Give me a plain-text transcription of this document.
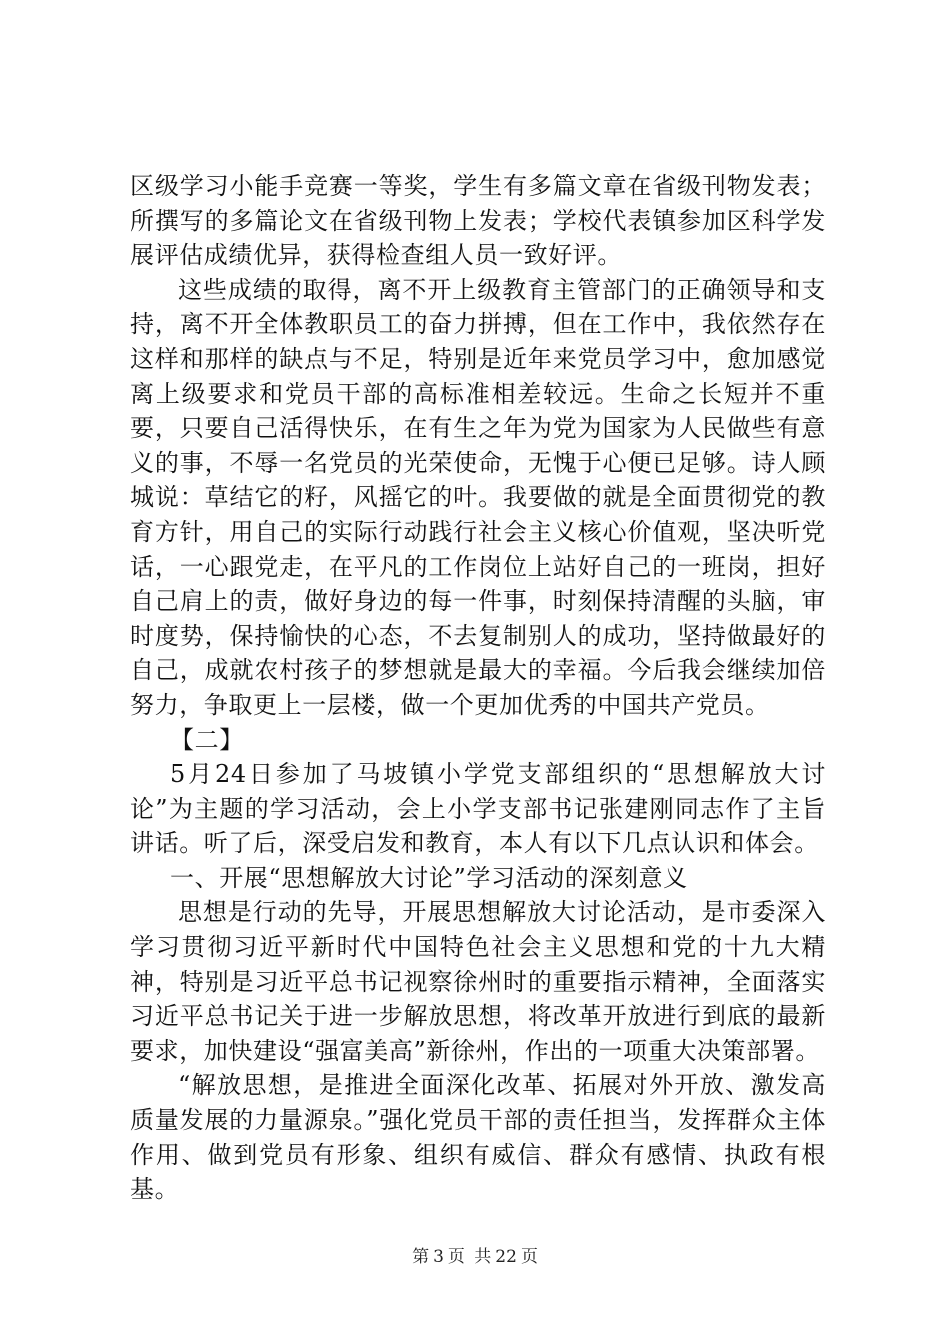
区级学习小能手竞赛一等奖，学生有多篇文章在省级刊物发表；所撰写的多篇论文在省级刊物上发表；学校代表镇参加区科学发展评估成绩优异，获得检查组人员一致好评。

这些成绩的取得，离不开上级教育主管部门的正确领导和支持，离不开全体教职员工的奋力拼搏，但在工作中，我依然存在这样和那样的缺点与不足，特别是近年来党员学习中，愈加感觉离上级要求和党员干部的高标准相差较远。生命之长短并不重要，只要自己活得快乐，在有生之年为党为国家为人民做些有意义的事，不辱一名党员的光荣使命，无愧于心便已足够。诗人顾城说：草结它的籽，风摇它的叶。我要做的就是全面贯彻党的教育方针，用自己的实际行动践行社会主义核心价值观，坚决听党话，一心跟党走，在平凡的工作岗位上站好自己的一班岗，担好自己肩上的责，做好身边的每一件事，时刻保持清醒的头脑，审时度势，保持愉快的心态，不去复制别人的成功，坚持做最好的自己，成就农村孩子的梦想就是最大的幸福。今后我会继续加倍努力，争取更上一层楼，做一个更加优秀的中国共产党员。

【二】

5月24日参加了马坡镇小学党支部组织的“思想解放大讨论”为主题的学习活动，会上小学支部书记张建刚同志作了主旨讲话。听了后，深受启发和教育，本人有以下几点认识和体会。

一、开展“思想解放大讨论”学习活动的深刻意义

思想是行动的先导，开展思想解放大讨论活动，是市委深入学习贯彻习近平新时代中国特色社会主义思想和党的十九大精神，特别是习近平总书记视察徐州时的重要指示精神，全面落实习近平总书记关于进一步解放思想，将改革开放进行到底的最新要求，加快建设“强富美高”新徐州，作出的一项重大决策部署。

“解放思想，是推进全面深化改革、拓展对外开放、激发高质量发展的力量源泉。”强化党员干部的责任担当，发挥群众主体作用、做到党员有形象、组织有威信、群众有感情、执政有根基。

第 3 页 共 22 页
